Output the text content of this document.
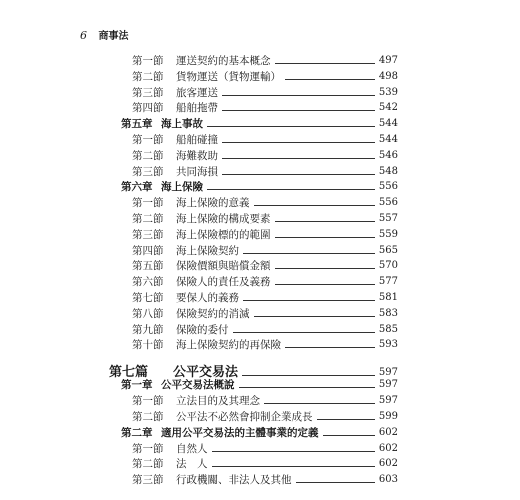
6 商事法
第一節 運送契約的基本概念	497
第二節 貨物運送（貨物運輸）	498
第三節 旅客運送	539
第四節 船舶拖帶	542
第五章 海上事故	544
第一節 船舶碰撞	544
第二節 海難救助	546
第三節 共同海損	548
第六章 海上保險	556
第一節 海上保險的意義	556
第二節 海上保險的構成要素	557
第三節 海上保險標的的範圍	559
第四節 海上保險契約	565
第五節 保險價額與賠償金額	570
第六節 保險人的責任及義務	577
第七節 要保人的義務	581
第八節 保險契約的消滅	583
第九節 保險的委付	585
第十節 海上保險契約的再保險	593
第七篇 公平交易法	597
第一章 公平交易法概說	597
第一節 立法目的及其理念	597
第二節 公平法不必然會抑制企業成長	599
第二章 適用公平交易法的主體事業的定義	602
第一節 自然人	602
第二節 法　人	602
第三節 行政機關、非法人及其他	603
